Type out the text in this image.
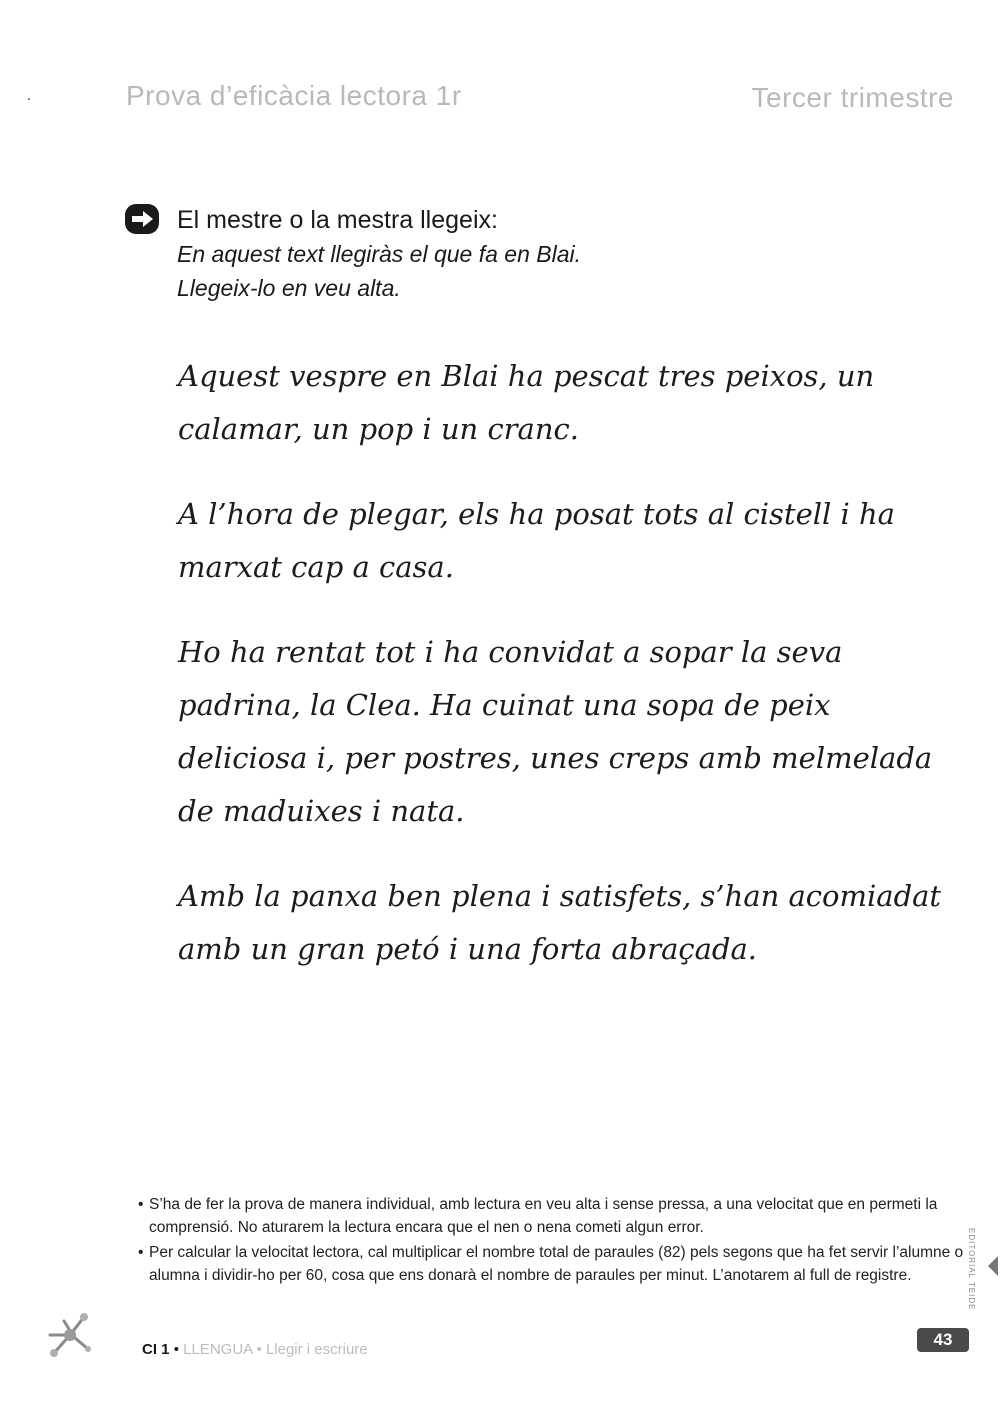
Prova d’eficàcia lectora 1r	Tercer trimestre
El mestre o la mestra llegeix:
En aquest text llegiràs el que fa en Blai.
Llegeix-lo en veu alta.

Aquest vespre en Blai ha pescat tres peixos, un calamar, un pop i un cranc.

A l’hora de plegar, els ha posat tots al cistell i ha marxat cap a casa.

Ho ha rentat tot i ha convidat a sopar la seva padrina, la Clea. Ha cuinat una sopa de peix deliciosa i, per postres, unes creps amb melmelada de maduixes i nata.

Amb la panxa ben plena i satisfets, s’han acomiadat amb un gran petó i una forta abraçada.

• S’ha de fer la prova de manera individual, amb lectura en veu alta i sense pressa, a una velocitat que en permeti la comprensió. No aturarem la lectura encara que el nen o nena cometi algun error.
• Per calcular la velocitat lectora, cal multiplicar el nombre total de paraules (82) pels segons que ha fet servir l’alumne o alumna i dividir-ho per 60, cosa que ens donarà el nombre de paraules per minut. L’anotarem al full de registre.	EDITORIAL TEIDE
CI 1 • LLENGUA • Llegir i escriure
43
